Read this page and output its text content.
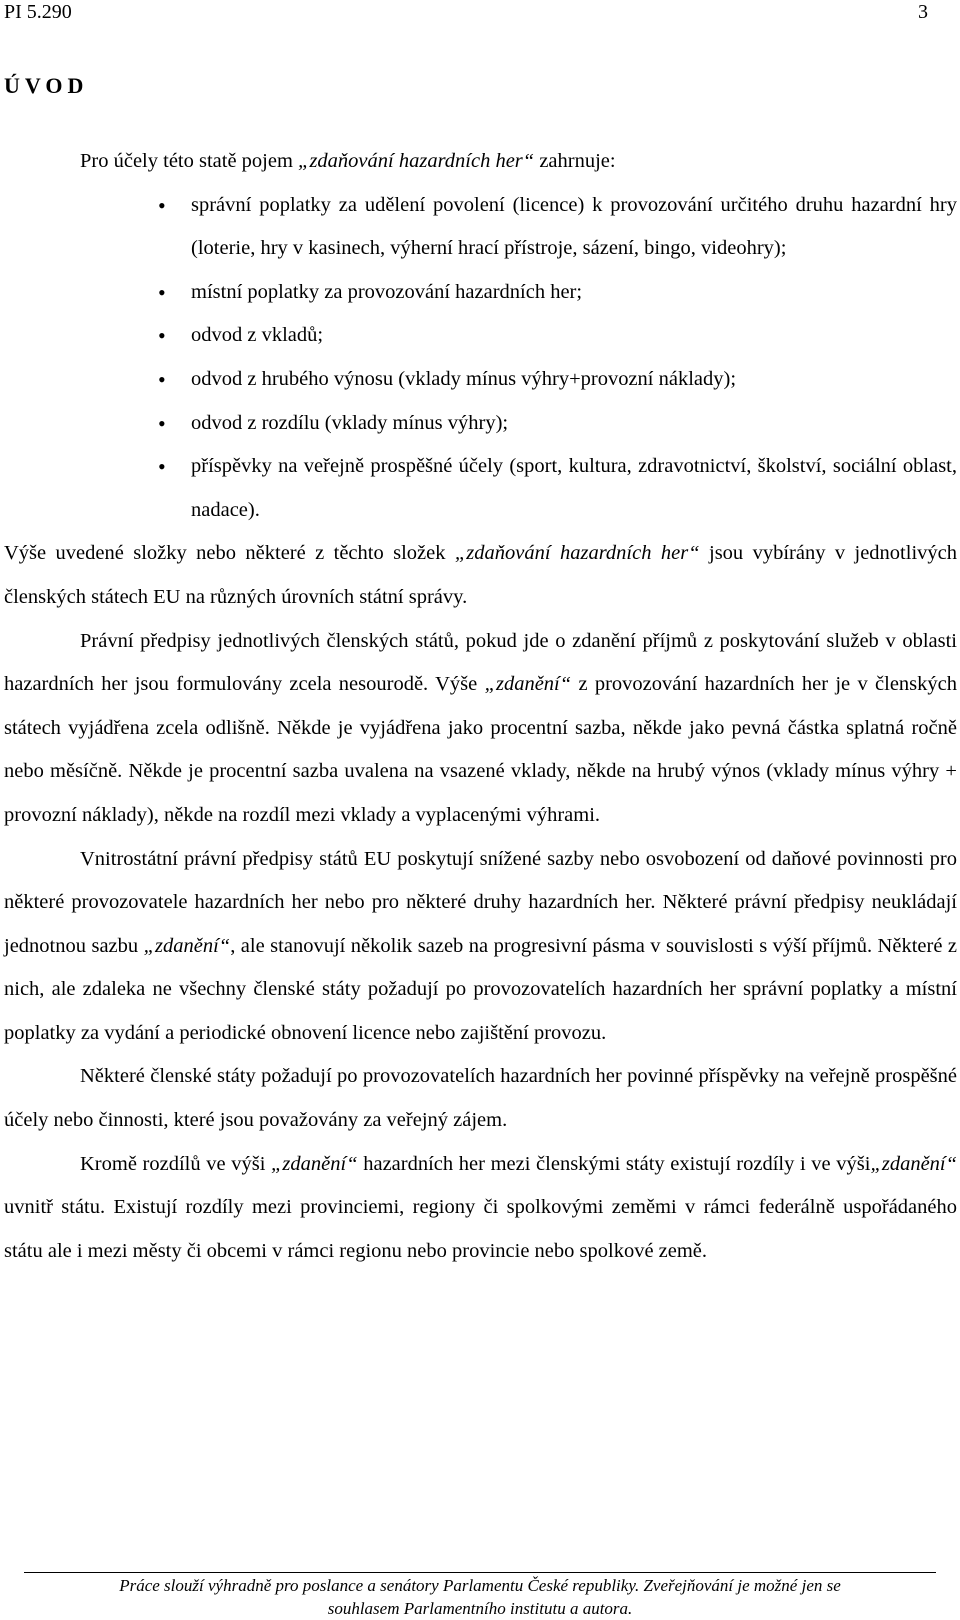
PI 5.290	3
ÚVOD

Pro účely této statě pojem „zdaňování hazardních her“ zahrnuje:

• správní poplatky za udělení povolení (licence) k provozování určitého druhu hazardní hry (loterie, hry v kasinech, výherní hrací přístroje, sázení, bingo, videohry);
• místní poplatky za provozování hazardních her;
• odvod z vkladů;
• odvod z hrubého výnosu (vklady mínus výhry+provozní náklady);
• odvod z rozdílu (vklady mínus výhry);
• příspěvky na veřejně prospěšné účely (sport, kultura, zdravotnictví, školství, sociální oblast, nadace).

Výše uvedené složky nebo některé z těchto složek „zdaňování hazardních her“ jsou vybírány v jednotlivých členských státech EU na různých úrovních státní správy.

Právní předpisy jednotlivých členských států, pokud jde o zdanění příjmů z poskytování služeb v oblasti hazardních her jsou formulovány zcela nesourodě. Výše „zdanění“ z provozování hazardních her je v členských státech vyjádřena zcela odlišně. Někde je vyjádřena jako procentní sazba, někde jako pevná částka splatná ročně nebo měsíčně. Někde je procentní sazba uvalena na vsazené vklady, někde na hrubý výnos (vklady mínus výhry + provozní náklady), někde na rozdíl mezi vklady a vyplacenými výhrami.

Vnitrostátní právní předpisy států EU poskytují snížené sazby nebo osvobození od daňové povinnosti pro některé provozovatele hazardních her nebo pro některé druhy hazardních her. Některé právní předpisy neukládají jednotnou sazbu „zdanění“, ale stanovují několik sazeb na progresivní pásma v souvislosti s výší příjmů. Některé z nich, ale zdaleka ne všechny členské státy požadují po provozovatelích hazardních her správní poplatky a místní poplatky za vydání a periodické obnovení licence nebo zajištění provozu.

Některé členské státy požadují po provozovatelích hazardních her povinné příspěvky na veřejně prospěšné účely nebo činnosti, které jsou považovány za veřejný zájem.

Kromě rozdílů ve výši „zdanění“ hazardních her mezi členskými státy existují rozdíly i ve výši„zdanění“ uvnitř státu. Existují rozdíly mezi provinciemi, regiony či spolkovými zeměmi v rámci federálně uspořádaného státu ale i mezi městy či obcemi v rámci regionu nebo provincie nebo spolkové země.

Práce slouží výhradně pro poslance a senátory Parlamentu České republiky. Zveřejňování je možné jen se

souhlasem Parlamentního institutu a autora.
